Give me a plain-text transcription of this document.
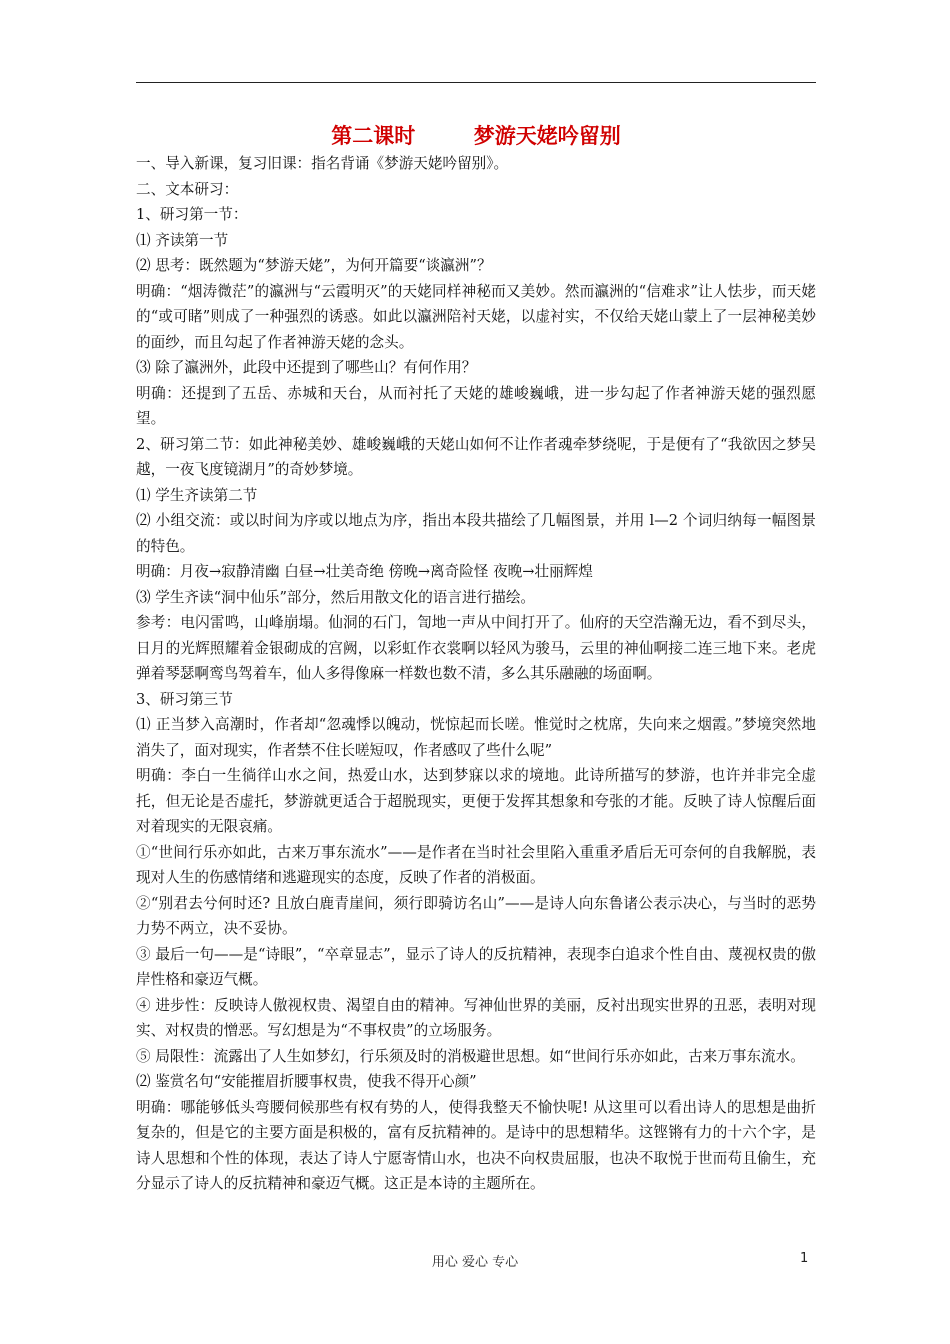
第二课时        梦游天姥吟留别

一、导入新课，复习旧课：指名背诵《梦游天姥吟留别》。

二、文本研习：

1、研习第一节：

⑴ 齐读第一节

⑵ 思考：既然题为“梦游天姥”，为何开篇要“谈瀛洲”？

明确：“烟涛微茫”的瀛洲与“云霞明灭”的天姥同样神秘而又美妙。然而瀛洲的“信难求”让人怯步，而天姥的“或可睹”则成了一种强烈的诱惑。如此以瀛洲陪衬天姥，以虚衬实，不仅给天姥山蒙上了一层神秘美妙的面纱，而且勾起了作者神游天姥的念头。

⑶ 除了瀛洲外，此段中还提到了哪些山？有何作用？

明确：还提到了五岳、赤城和天台，从而衬托了天姥的雄峻巍峨，进一步勾起了作者神游天姥的强烈愿望。

2、研习第二节：如此神秘美妙、雄峻巍峨的天姥山如何不让作者魂牵梦绕呢，于是便有了“我欲因之梦吴越，一夜飞度镜湖月”的奇妙梦境。

⑴ 学生齐读第二节

⑵ 小组交流：或以时间为序或以地点为序，指出本段共描绘了几幅图景，并用 l—2 个词归纳每一幅图景的特色。

明确：月夜→寂静清幽 白昼→壮美奇绝 傍晚→离奇险怪 夜晚→壮丽辉煌

⑶ 学生齐读“洞中仙乐”部分，然后用散文化的语言进行描绘。

参考：电闪雷鸣，山峰崩塌。仙洞的石门，訇地一声从中间打开了。仙府的天空浩瀚无边，看不到尽头，日月的光辉照耀着金银砌成的宫阙，以彩虹作衣裳啊以轻风为骏马，云里的神仙啊接二连三地下来。老虎弹着琴瑟啊鸾鸟驾着车，仙人多得像麻一样数也数不清，多么其乐融融的场面啊。

3、研习第三节

⑴ 正当梦入高潮时，作者却“忽魂悸以魄动，恍惊起而长嗟。惟觉时之枕席，失向来之烟霞。”梦境突然地消失了，面对现实，作者禁不住长嗟短叹，作者感叹了些什么呢”

明确：李白一生徜徉山水之间，热爱山水，达到梦寐以求的境地。此诗所描写的梦游，也许并非完全虚托，但无论是否虚托，梦游就更适合于超脱现实，更便于发挥其想象和夸张的才能。反映了诗人惊醒后面对着现实的无限哀痛。

①“世间行乐亦如此，古来万事东流水”——是作者在当时社会里陷入重重矛盾后无可奈何的自我解脱，表现对人生的伤感情绪和逃避现实的态度，反映了作者的消极面。

②“别君去兮何时还? 且放白鹿青崖间，须行即骑访名山”——是诗人向东鲁诸公表示决心，与当时的恶势力势不两立，决不妥协。

③ 最后一句——是“诗眼”，“卒章显志”，显示了诗人的反抗精神，表现李白追求个性自由、蔑视权贵的傲岸性格和豪迈气概。

④ 进步性：反映诗人傲视权贵、渴望自由的精神。写神仙世界的美丽，反衬出现实世界的丑恶，表明对现实、对权贵的憎恶。写幻想是为“不事权贵”的立场服务。

⑤ 局限性：流露出了人生如梦幻，行乐须及时的消极避世思想。如“世间行乐亦如此，古来万事东流水。

⑵ 鉴赏名句“安能摧眉折腰事权贵，使我不得开心颜”

明确：哪能够低头弯腰伺候那些有权有势的人，使得我整天不愉快呢! 从这里可以看出诗人的思想是曲折复杂的，但是它的主要方面是积极的，富有反抗精神的。是诗中的思想精华。这铿锵有力的十六个字，是诗人思想和个性的体现，表达了诗人宁愿寄情山水，也决不向权贵屈服，也决不取悦于世而苟且偷生，充分显示了诗人的反抗精神和豪迈气概。这正是本诗的主题所在。

用心 爱心 专心	1
